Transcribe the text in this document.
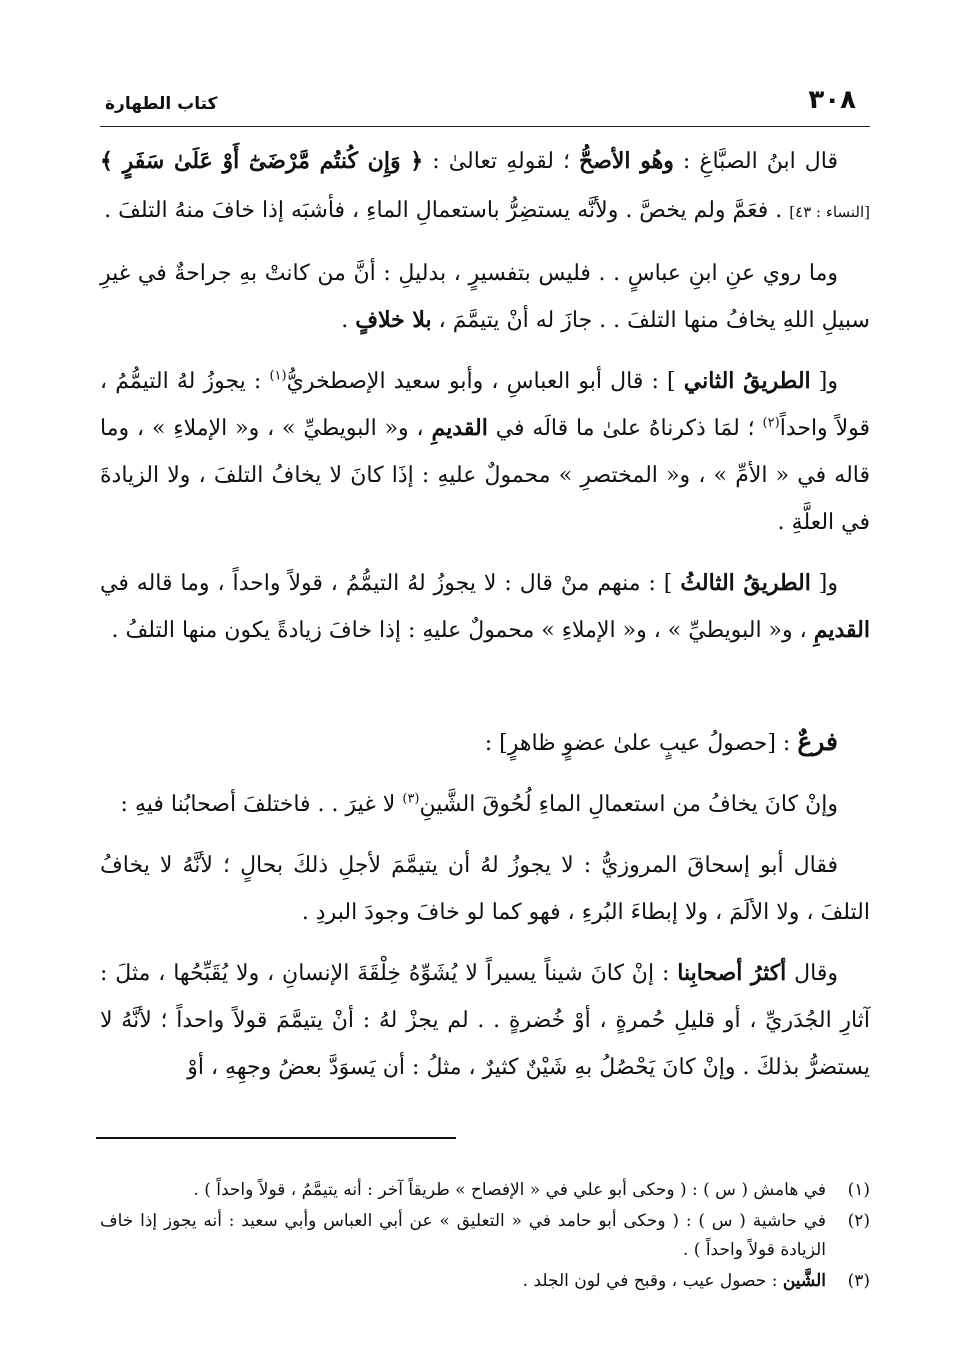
٣٠٨
كتاب الطهارة

قال ابنُ الصبَّاغِ : وهُو الأصحُّ ؛ لقولهِ تعالىٰ : ﴿ وَإِن كُنتُم مَّرْضَىٰٓ أَوْ عَلَىٰ سَفَرٍ ﴾ [النساء : ٤٣] . فعَمَّ ولم يخصَّ . ولأنَّه يستضِرُّ باستعمالِ الماءِ ، فأشبَه إذا خافَ منهُ التلفَ .

وما روي عنِ ابنِ عباسٍ . . فليس بتفسيرٍ ، بدليلِ : أنَّ من كانتْ بهِ جراحةٌ في غيرِ سبيلِ اللهِ يخافُ منها التلفَ . . جازَ له أنْ يتيمَّمَ ، بلا خلافٍ .

و[ الطريقُ الثاني ] : قال أبو العباسِ ، وأبو سعيد الإصطخريُّ$^{(١)}$ : يجوزُ لهُ التيمُّمُ ، قولاً واحداً$^{(٢)}$ ؛ لمَا ذكرناهُ علىٰ ما قالَه في القديمِ ، و« البويطيِّ » ، و« الإملاءِ » ، وما قاله في « الأمِّ » ، و« المختصرِ » محمولٌ عليهِ : إذَا كانَ لا يخافُ التلفَ ، ولا الزيادةَ في العلَّةِ .

و[ الطريقُ الثالثُ ] : منهم منْ قال : لا يجوزُ لهُ التيمُّمُ ، قولاً واحداً ، وما قاله في القديمِ ، و« البويطيِّ » ، و« الإملاءِ » محمولٌ عليهِ : إذا خافَ زيادةً يكون منها التلفُ .

فرعٌ : [حصولُ عيبٍ علىٰ عضوٍ ظاهرٍ] :

وإنْ كانَ يخافُ من استعمالِ الماءِ لُحُوقَ الشَّينِ$^{(٣)}$ لا غيرَ . . فاختلفَ أصحابُنا فيهِ :

فقال أبو إسحاقَ المروزيُّ : لا يجوزُ لهُ أن يتيمَّمَ لأجلِ ذلكَ بحالٍ ؛ لأنَّهُ لا يخافُ التلفَ ، ولا الألَمَ ، ولا إبطاءَ البُرءِ ، فهو كما لو خافَ وجودَ البردِ .

وقال أكثرُ أصحابِنا : إنْ كانَ شيناً يسيراً لا يُشَوِّهُ خِلْقَةَ الإنسانِ ، ولا يُقَبِّحُها ، مثلَ : آثارِ الجُدَريِّ ، أو قليلِ حُمرةٍ ، أوْ خُضرةٍ . . لم يجزْ لهُ : أنْ يتيمَّمَ قولاً واحداً ؛ لأنَّهُ لا يستضرُّ بذلكَ . وإنْ كانَ يَحْصُلُ بهِ شَيْنٌ كثيرٌ ، مثلُ : أن يَسوَدَّ بعضُ وجهِهِ ، أوْ

(١)
في هامش ( س ) : ( وحكى أبو علي في « الإفصاح » طريقاً آخر : أنه يتيمَّمُ ، قولاً واحداً ) .
(٢)
في حاشية ( س ) : ( وحكى أبو حامد في « التعليق » عن أبي العباس وأبي سعيد : أنه يجوز إذا خاف الزيادة قولاً واحداً ) .
(٣)
الشَّين : حصول عيب ، وقبح في لون الجلد .
